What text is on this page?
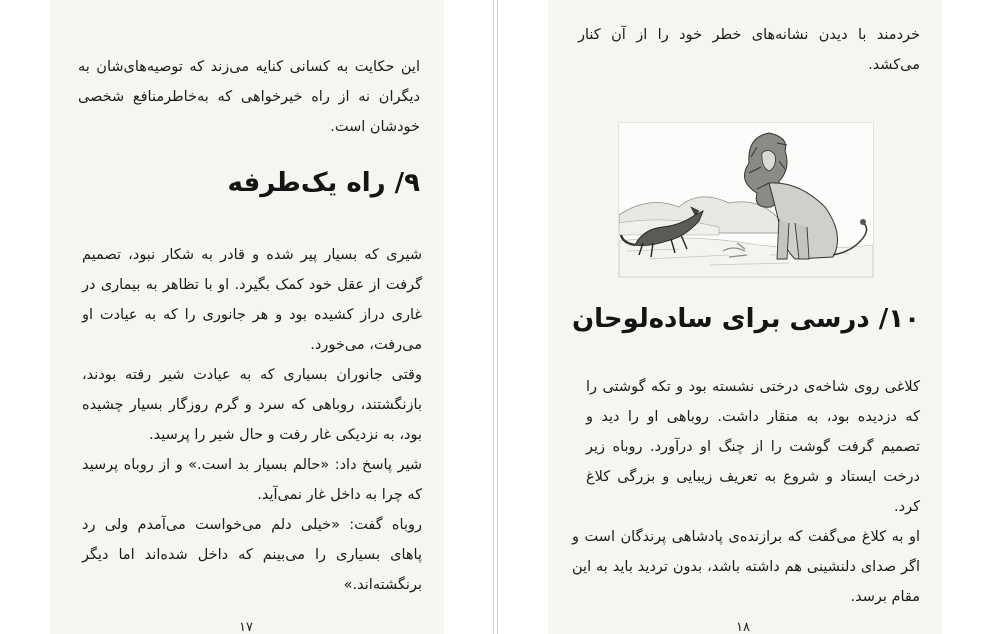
این حکایت به کسانی کنایه می‌زند که توصیه‌های‌شان به دیگران نه از راه خیرخواهی که به‌خاطرمنافع شخصی خودشان است.

۹/ راه یک‌طرفه

شیری که بسیار پیر شده و قادر به شکار نبود، تصمیم گرفت از عقل خود کمک بگیرد. او با تظاهر به بیماری در غاری دراز کشیده بود و هر جانوری را که به عیادت او می‌رفت، می‌خورد.

وقتی جانوران بسیاری که به عیادت شیر رفته بودند، بازنگشتند، روباهی که سرد و گرم روزگار بسیار چشیده بود، به نزدیکی غار رفت و حال شیر را پرسید.

شیر پاسخ داد: «حالم بسیار بد است.» و از روباه پرسید که چرا به داخل غار نمی‌آید.

روباه گفت: «خیلی دلم می‌خواست می‌آمدم ولی رد پاهای بسیاری را می‌بینم که داخل شده‌اند اما دیگر برنگشته‌اند.»

۱۷

خردمند با دیدن نشانه‌های خطر خود را از آن کنار می‌کشد.

۱۰/ درسی برای ساده‌لوحان

کلاغی روی شاخه‌ی درختی نشسته بود و تکه گوشتی را که دزدیده بود، به منقار داشت. روباهی او را دید و تصمیم گرفت گوشت را از چنگ او درآورد. روباه زیر درخت ایستاد و شروع به تعریف زیبایی و بزرگی کلاغ کرد.

او به کلاغ می‌گفت که برازنده‌ی پادشاهی پرندگان است و اگر صدای دلنشینی هم داشته باشد، بدون تردید باید به این مقام برسد.

۱۸
